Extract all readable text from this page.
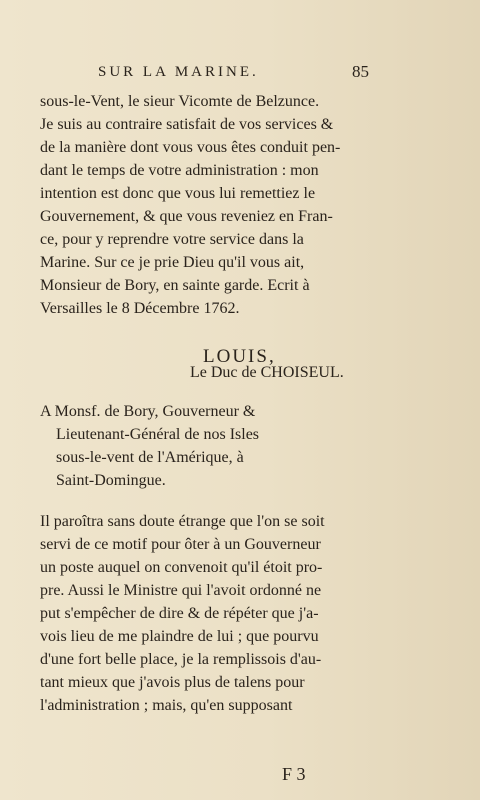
SUR LA MARINE.	85
sous-le-Vent, le sieur Vicomte de Belzunce.
Je suis au contraire satisfait de vos services &
de la manière dont vous vous êtes conduit pen-
dant le temps de votre administration : mon
intention est donc que vous lui remettiez le
Gouvernement, & que vous reveniez en Fran-
ce, pour y reprendre votre service dans la
Marine. Sur ce je prie Dieu qu'il vous ait,
Monsieur de Bory, en sainte garde. Ecrit à
Versailles le 8 Décembre 1762.
LOUIS,
Le Duc de CHOISEUL.
A Monsf. de Bory, Gouverneur &
Lieutenant-Général de nos Isles
sous-le-vent de l'Amérique, à
Saint-Domingue.
Il paroîtra sans doute étrange que l'on se soit
servi de ce motif pour ôter à un Gouverneur
un poste auquel on convenoit qu'il étoit pro-
pre. Aussi le Ministre qui l'avoit ordonné ne
put s'empêcher de dire & de répéter que j'a-
vois lieu de me plaindre de lui ; que pourvu
d'une fort belle place, je la remplissois d'au-
tant mieux que j'avois plus de talens pour
l'administration ; mais, qu'en supposant
F 3
